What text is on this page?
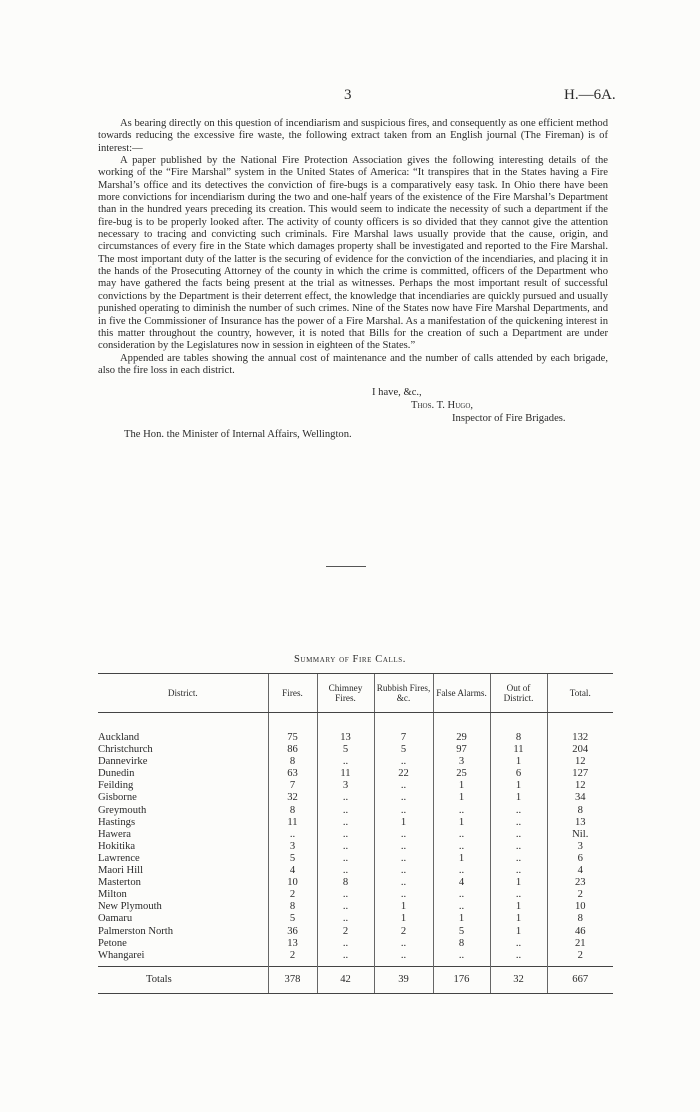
3	H.—6A.

As bearing directly on this question of incendiarism and suspicious fires, and consequently as one efficient method towards reducing the excessive fire waste, the following extract taken from an English journal (The Fireman) is of interest:—

A paper published by the National Fire Protection Association gives the following interesting details of the working of the “Fire Marshal” system in the United States of America: “It transpires that in the States having a Fire Marshal’s office and its detectives the conviction of fire-bugs is a comparatively easy task. In Ohio there have been more convictions for incendiarism during the two and one-half years of the existence of the Fire Marshal’s Department than in the hundred years preceding its creation. This would seem to indicate the necessity of such a department if the fire-bug is to be properly looked after. The activity of county officers is so divided that they cannot give the attention necessary to tracing and convicting such criminals. Fire Marshal laws usually provide that the cause, origin, and circumstances of every fire in the State which damages property shall be investigated and reported to the Fire Marshal. The most important duty of the latter is the securing of evidence for the conviction of the incendiaries, and placing it in the hands of the Prosecuting Attorney of the county in which the crime is committed, officers of the Department who may have gathered the facts being present at the trial as witnesses. Perhaps the most important result of successful convictions by the Department is their deterrent effect, the knowledge that incendiaries are quickly pursued and usually punished operating to diminish the number of such crimes. Nine of the States now have Fire Marshal Departments, and in five the Commissioner of Insurance has the power of a Fire Marshal. As a manifestation of the quickening interest in this matter throughout the country, however, it is noted that Bills for the creation of such a Department are under consideration by the Legislatures now in session in eighteen of the States.”

Appended are tables showing the annual cost of maintenance and the number of calls attended by each brigade, also the fire loss in each district.

I have, &c.,
Thos. T. Hugo,
Inspector of Fire Brigades.
The Hon. the Minister of Internal Affairs, Wellington.
Summary of Fire Calls.
District.	Fires.	Chimney Fires.	Rubbish Fires, &c.	False Alarms.	Out of District.	Total.

Auckland	75	13	7	29	8	132
Christchurch	86	5	5	97	11	204
Dannevirke	8	..	..	3	1	12
Dunedin	63	11	22	25	6	127
Feilding	7	3	..	1	1	12
Gisborne	32	..	..	1	1	34
Greymouth	8	..	..	..	..	8
Hastings	11	..	1	1	..	13
Hawera	..	..	..	..	..	Nil.
Hokitika	3	..	..	..	..	3
Lawrence	5	..	..	1	..	6
Maori Hill	4	..	..	..	..	4
Masterton	10	8	..	4	1	23
Milton	2	..	..	..	..	2
New Plymouth	8	..	1	..	1	10
Oamaru	5	..	1	1	1	8
Palmerston North	36	2	2	5	1	46
Petone	13	..	..	8	..	21
Whangarei	2	..	..	..	..	2
Totals	378	42	39	176	32	667
